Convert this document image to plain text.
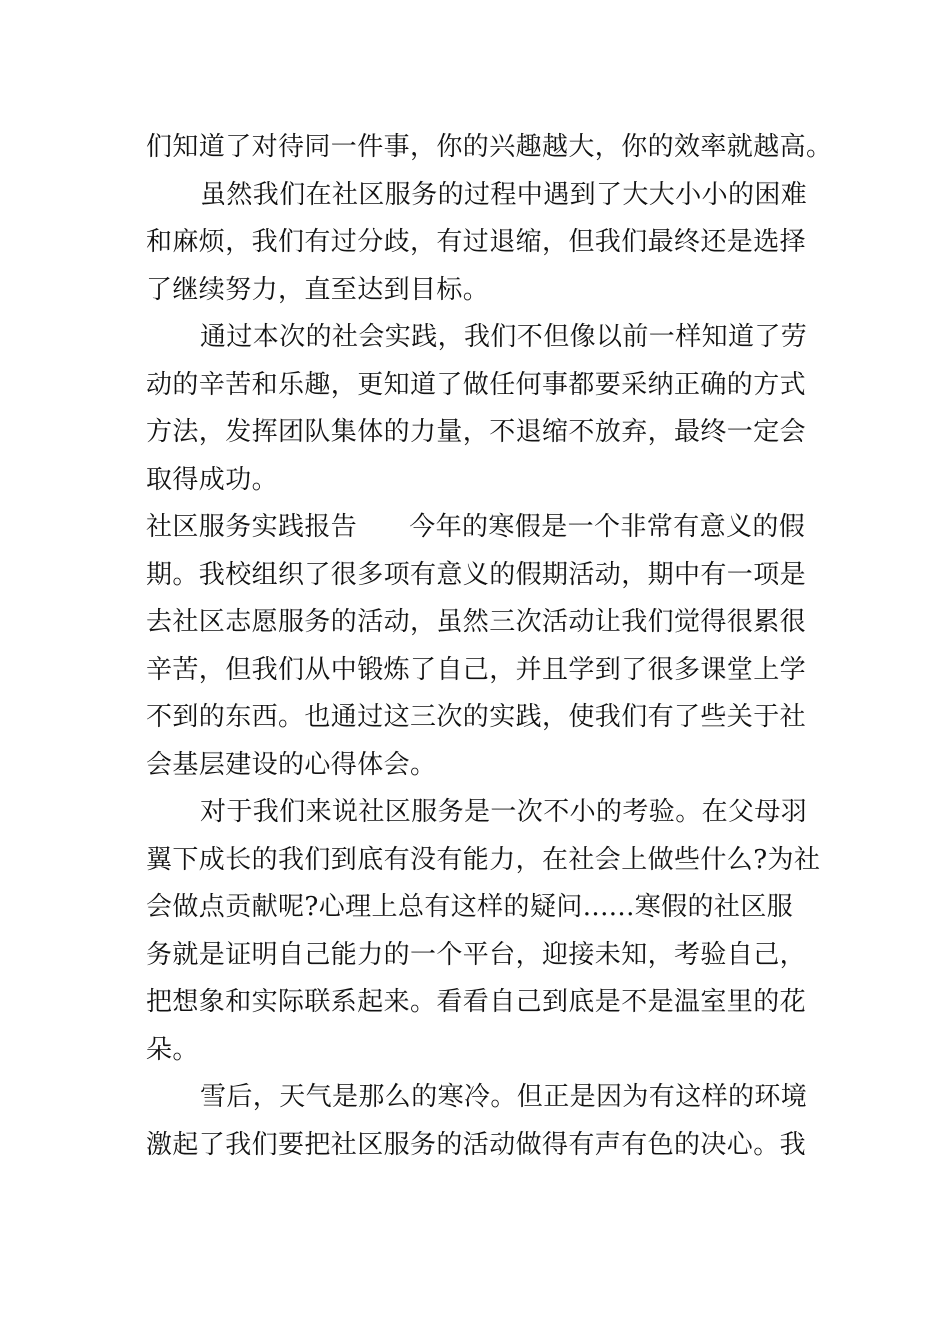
们知道了对待同一件事，你的兴趣越大，你的效率就越高。
虽然我们在社区服务的过程中遇到了大大小小的困难
和麻烦，我们有过分歧，有过退缩，但我们最终还是选择
了继续努力，直至达到目标。
通过本次的社会实践，我们不但像以前一样知道了劳
动的辛苦和乐趣，更知道了做任何事都要采纳正确的方式
方法，发挥团队集体的力量，不退缩不放弃，最终一定会
取得成功。
社区服务实践报告 今年的寒假是一个非常有意义的假
期。我校组织了很多项有意义的假期活动，期中有一项是
去社区志愿服务的活动，虽然三次活动让我们觉得很累很
辛苦，但我们从中锻炼了自己，并且学到了很多课堂上学
不到的东西。也通过这三次的实践，使我们有了些关于社
会基层建设的心得体会。
对于我们来说社区服务是一次不小的考验。在父母羽
翼下成长的我们到底有没有能力，在社会上做些什么?为社
会做点贡献呢?心理上总有这样的疑问......寒假的社区服
务就是证明自己能力的一个平台，迎接未知，考验自己，
把想象和实际联系起来。看看自己到底是不是温室里的花
朵。
雪后，天气是那么的寒冷。但正是因为有这样的环境
激起了我们要把社区服务的活动做得有声有色的决心。我
